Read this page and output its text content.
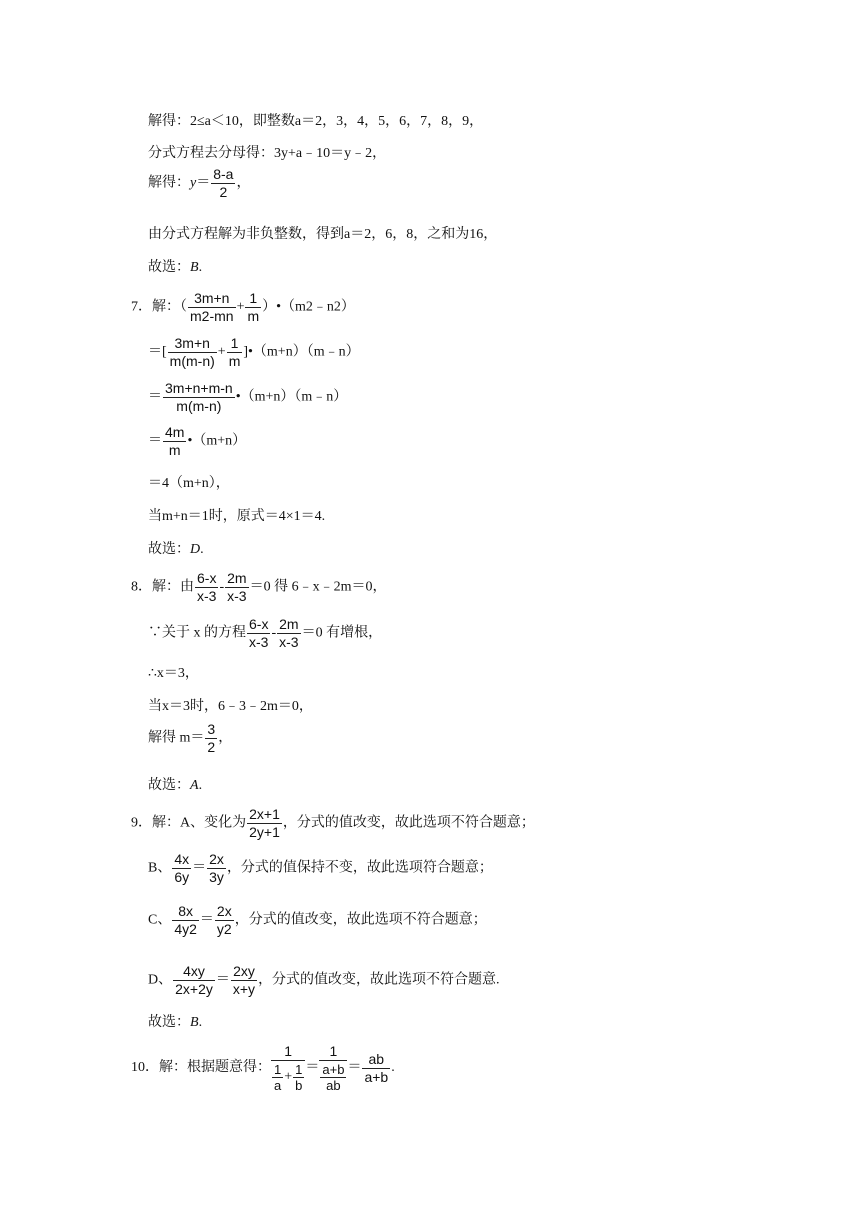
解得：2≤a＜10，即整数a＝2，3，4，5，6，7，8，9，
分式方程去分母得：3y+a﹣10＝y﹣2，
解得：$y= \frac{8-a}{2}$ ，
由分式方程解为非负整数，得到a＝2，6，8，之和为16，
故选：B.
7．解：（ $\frac{3m+n}{m2-mn} + \frac{1}{m}$ ）•（m2﹣n2）
＝[ $\frac{3m+n}{m(m-n)} + \frac{1}{m}$ ]•（m+n）（m﹣n）
＝ $\frac{3m+n+m-n}{m(m-n)}$ •（m+n）（m﹣n）
＝ $\frac{4m}{m}$ •（m+n）
＝4（m+n），
当m+n＝1时，原式＝4×1＝4.
故选：D.
8．解：由 $\frac{6-x}{x-3} - \frac{2m}{x-3} =0$ 得 6﹣x﹣2m＝0，
∵关于 x 的方程 $\frac{6-x}{x-3} - \frac{2m}{x-3} =0$ 有增根，
∴x＝3，
当x＝3时，6﹣3﹣2m＝0，
解得 $m= \frac{3}{2}$ ，
故选：A.
9．解：A、变化为 $\frac{2x+1}{2y+1}$ ，分式的值改变，故此选项不符合题意；
B、 $\frac{4x}{6y} = \frac{2x}{3y}$ ，分式的值保持不变，故此选项符合题意；
C、 $\frac{8x}{4y2} = \frac{2x}{y2}$ ，分式的值改变，故此选项不符合题意；
D、 $\frac{4xy}{2x+2y} = \frac{2xy}{x+y}$ ，分式的值改变，故此选项不符合题意.
故选：B.
10．解：根据题意得： $\frac{1}{\frac{1}{a} + \frac{1}{b}}$ ＝
1
$\frac{a+b}{ab} = \frac{ab}{a+b}$ .
